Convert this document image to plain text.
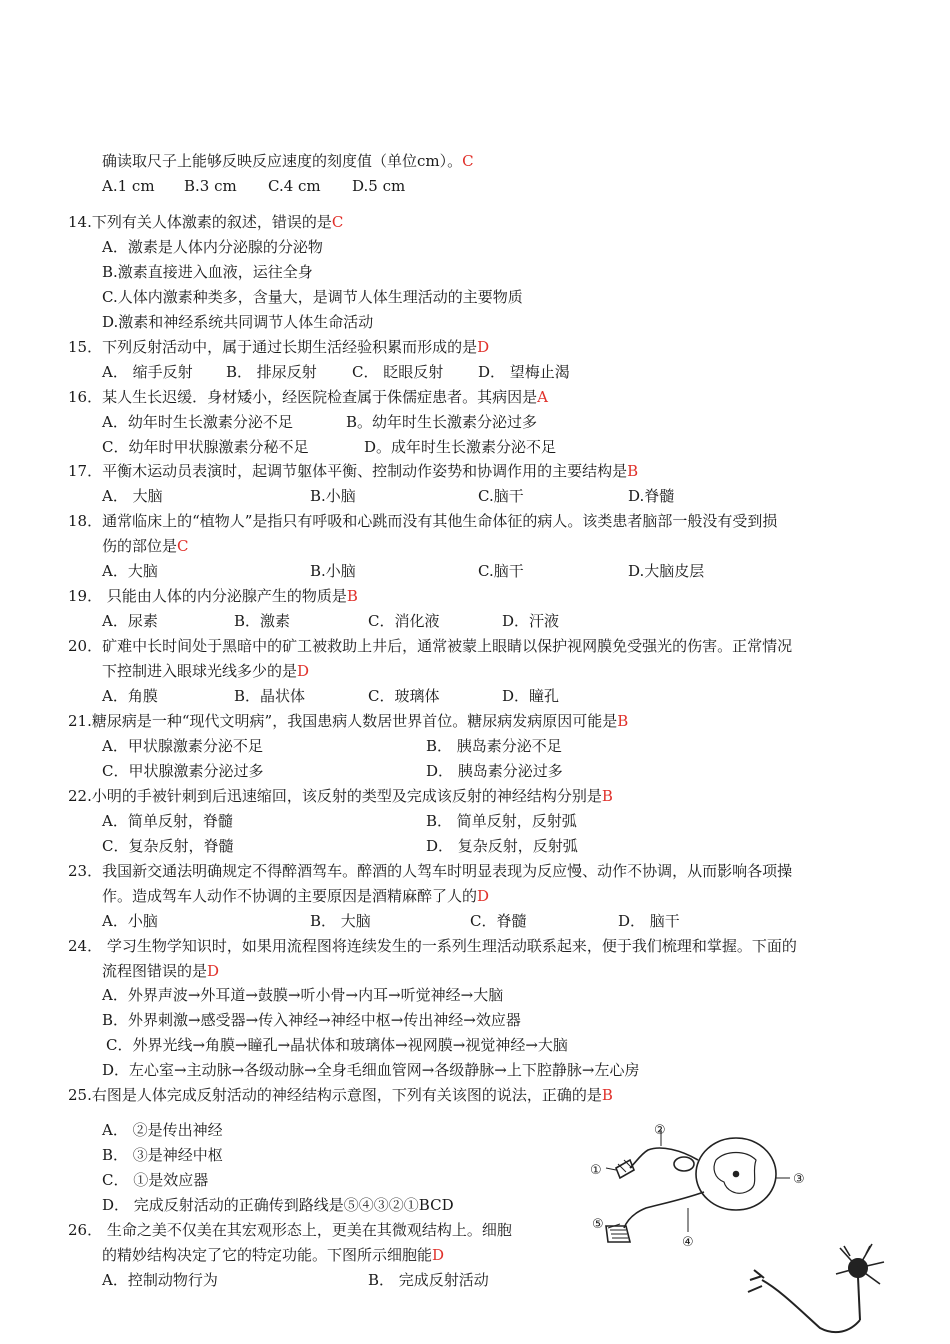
确读取尺子上能够反映反应速度的刻度值（单位cm）。C
A.1 cm B.3 cm C.4 cm D.5 cm
14.下列有关人体激素的叙述，错误的是C
A．激素是人体内分泌腺的分泌物
B.激素直接进入血液，运往全身
C.人体内激素种类多，含量大，是调节人体生理活动的主要物质
D.激素和神经系统共同调节人体生命活动
15．下列反射活动中，属于通过长期生活经验积累而形成的是D
A． 缩手反射 B． 排尿反射 C． 眨眼反射 D． 望梅止渴
16．某人生长迟缓．身材矮小，经医院检查属于侏儒症患者。其病因是A
A．幼年时生长激素分泌不足	B。幼年时生长激素分泌过多
C．幼年时甲状腺激素分秘不足	D。成年时生长激素分泌不足
17．平衡木运动员表演时，起调节躯体平衡、控制动作姿势和协调作用的主要结构是B
A． 大脑	B.小脑	C.脑干	D.脊髓
18．通常临床上的“植物人”是指只有呼吸和心跳而没有其他生命体征的病人。该类患者脑部一般没有受到损
伤的部位是C
A．大脑	B.小脑	C.脑干	D.大脑皮层
19． 只能由人体的内分泌腺产生的物质是B
A．尿素	B．激素	C．消化液	D．汗液
20．矿难中长时间处于黑暗中的矿工被救助上井后，通常被蒙上眼睛以保护视网膜免受强光的伤害。正常情况
下控制进入眼球光线多少的是D
A．角膜	B．晶状体	C．玻璃体	D．瞳孔
21.糖尿病是一种“现代文明病”，我国患病人数居世界首位。糖尿病发病原因可能是B
A．甲状腺激素分泌不足	B． 胰岛素分泌不足
C．甲状腺激素分泌过多	D． 胰岛素分泌过多
22.小明的手被针刺到后迅速缩回，该反射的类型及完成该反射的神经结构分别是B
A．简单反射，脊髓	B． 简单反射，反射弧
C．复杂反射，脊髓	D． 复杂反射，反射弧
23．我国新交通法明确规定不得醉酒驾车。醉酒的人驾车时明显表现为反应慢、动作不协调，从而影响各项操
作。造成驾车人动作不协调的主要原因是酒精麻醉了人的D
A．小脑	B． 大脑	C．脊髓	D． 脑干
24． 学习生物学知识时，如果用流程图将连续发生的一系列生理活动联系起来，便于我们梳理和掌握。下面的
流程图错误的是D
A．外界声波→外耳道→鼓膜→听小骨→内耳→听觉神经→大脑
B．外界刺激→感受器→传入神经→神经中枢→传出神经→效应器
C．外界光线→角膜→瞳孔→晶状体和玻璃体→视网膜→视觉神经→大脑
D．左心室→主动脉→各级动脉→全身毛细血管网→各级静脉→上下腔静脉→左心房
25.右图是人体完成反射活动的神经结构示意图，下列有关该图的说法，正确的是B
A． ②是传出神经
B． ③是神经中枢
C． ①是效应器
D． 完成反射活动的正确传到路线是⑤④③②①BCD
26． 生命之美不仅美在其宏观形态上，更美在其微观结构上。细胞
的精妙结构决定了它的特定功能。下图所示细胞能D
A．控制动物行为	B． 完成反射活动
①
②
③
④
⑤
